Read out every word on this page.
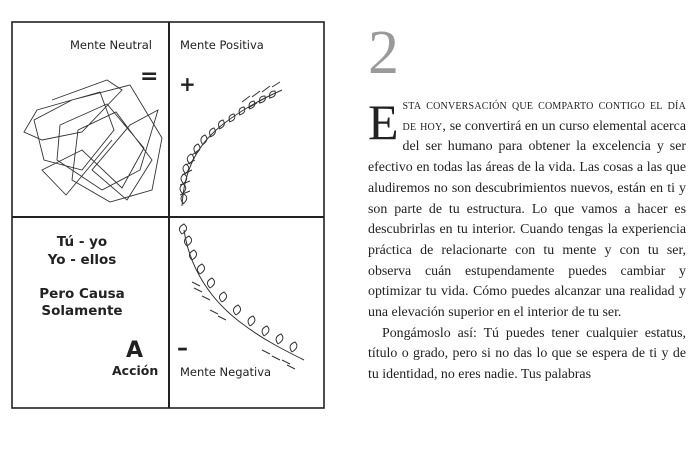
Mente Neutral Mente Positiva
= +
Tú - yo
Yo - ellos
Pero Causa
Solamente
A
Acción
–
Mente Negativa
2

Esta conversación que comparto contigo el día de hoy, se convertirá en un curso elemental acerca del ser humano para obtener la excelencia y ser efectivo en todas las áreas de la vida. Las cosas a las que aludiremos no son descubrimientos nuevos, están en ti y son parte de tu estructura. Lo que vamos a hacer es descubrirlas en tu interior. Cuando tengas la experiencia práctica de relacionarte con tu mente y con tu ser, observa cuán estupendamente puedes cambiar y optimizar tu vida. Cómo puedes alcanzar una realidad y una elevación superior en el interior de tu ser.

Pongámoslo así: Tú puedes tener cualquier estatus, título o grado, pero si no das lo que se espera de ti y de tu identidad, no eres nadie. Tus palabras
